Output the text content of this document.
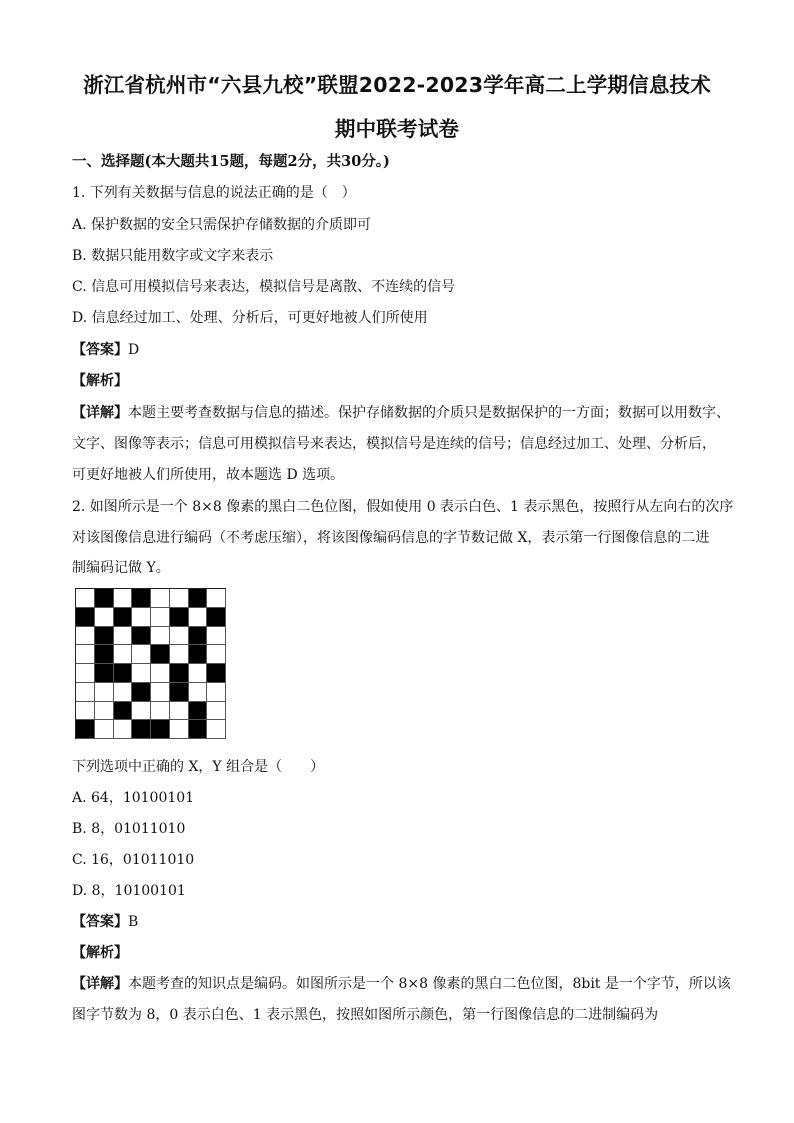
浙江省杭州市“六县九校”联盟2022-2023学年高二上学期信息技术
期中联考试卷
一、选择题(本大题共15题，每题2分，共30分。)
1. 下列有关数据与信息的说法正确的是（　）
A. 保护数据的安全只需保护存储数据的介质即可
B. 数据只能用数字或文字来表示
C. 信息可用模拟信号来表达，模拟信号是离散、不连续的信号
D. 信息经过加工、处理、分析后，可更好地被人们所使用
【答案】D
【解析】
【详解】本题主要考查数据与信息的描述。保护存储数据的介质只是数据保护的一方面；数据可以用数字、
文字、图像等表示；信息可用模拟信号来表达，模拟信号是连续的信号；信息经过加工、处理、分析后，
可更好地被人们所使用，故本题选 D 选项。
2. 如图所示是一个 8×8 像素的黑白二色位图，假如使用 0 表示白色、1 表示黑色，按照行从左向右的次序
对该图像信息进行编码（不考虑压缩），将该图像编码信息的字节数记做 X，表示第一行图像信息的二进
制编码记做 Y。
下列选项中正确的 X，Y 组合是（　　）
A. 64，10100101
B. 8，01011010
C. 16，01011010
D. 8，10100101
【答案】B
【解析】
【详解】本题考查的知识点是编码。如图所示是一个 8×8 像素的黑白二色位图，8bit 是一个字节，所以该
图字节数为 8，0 表示白色、1 表示黑色，按照如图所示颜色，第一行图像信息的二进制编码为
